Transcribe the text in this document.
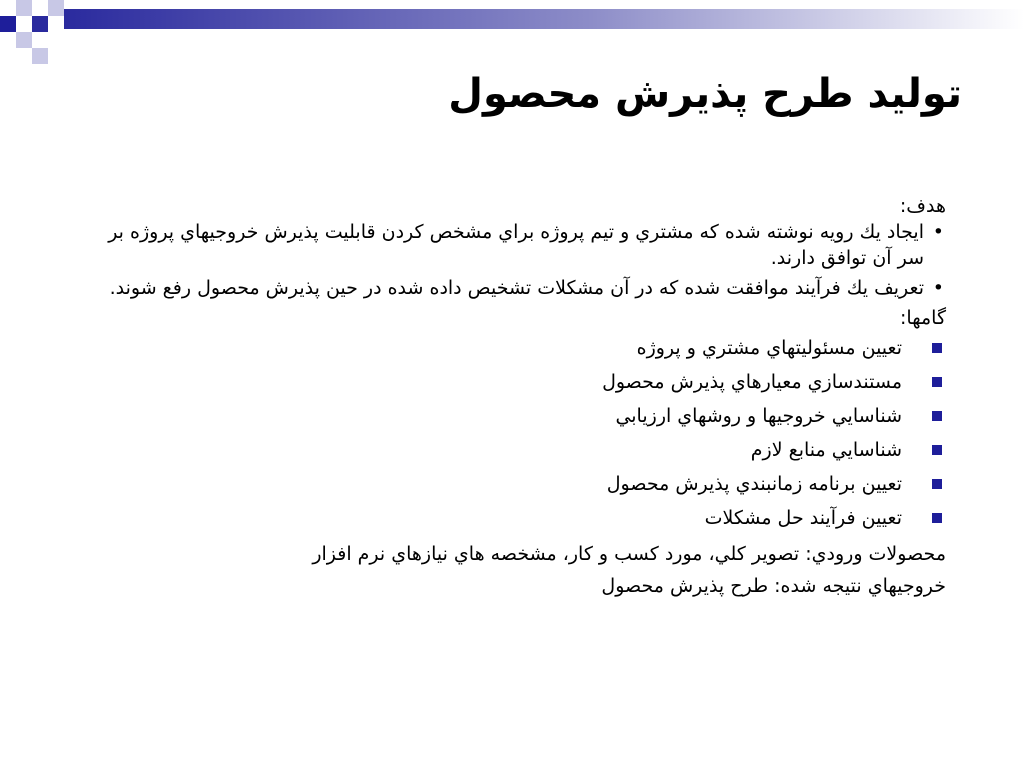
توليد طرح پذيرش محصول

هدف:

•
ايجاد يك رويه نوشته شده كه مشتري و تيم پروژه براي مشخص كردن قابليت پذيرش خروجيهاي پروژه بر سر آن توافق دارند.
•
تعريف يك فرآيند موافقت شده كه در آن مشكلات تشخيص داده شده در حين پذيرش محصول رفع شوند.

گامها:

تعيين مسئوليتهاي مشتري و پروژه
مستندسازي معيارهاي پذيرش محصول
شناسايي خروجيها و روشهاي ارزيابي
شناسايي منابع لازم
تعيين برنامه زمانبندي پذيرش محصول
تعيين فرآيند حل مشكلات

محصولات ورودي: تصوير كلي، مورد كسب و كار، مشخصه هاي نيازهاي نرم افزار

خروجيهاي نتيجه شده: طرح پذيرش محصول
